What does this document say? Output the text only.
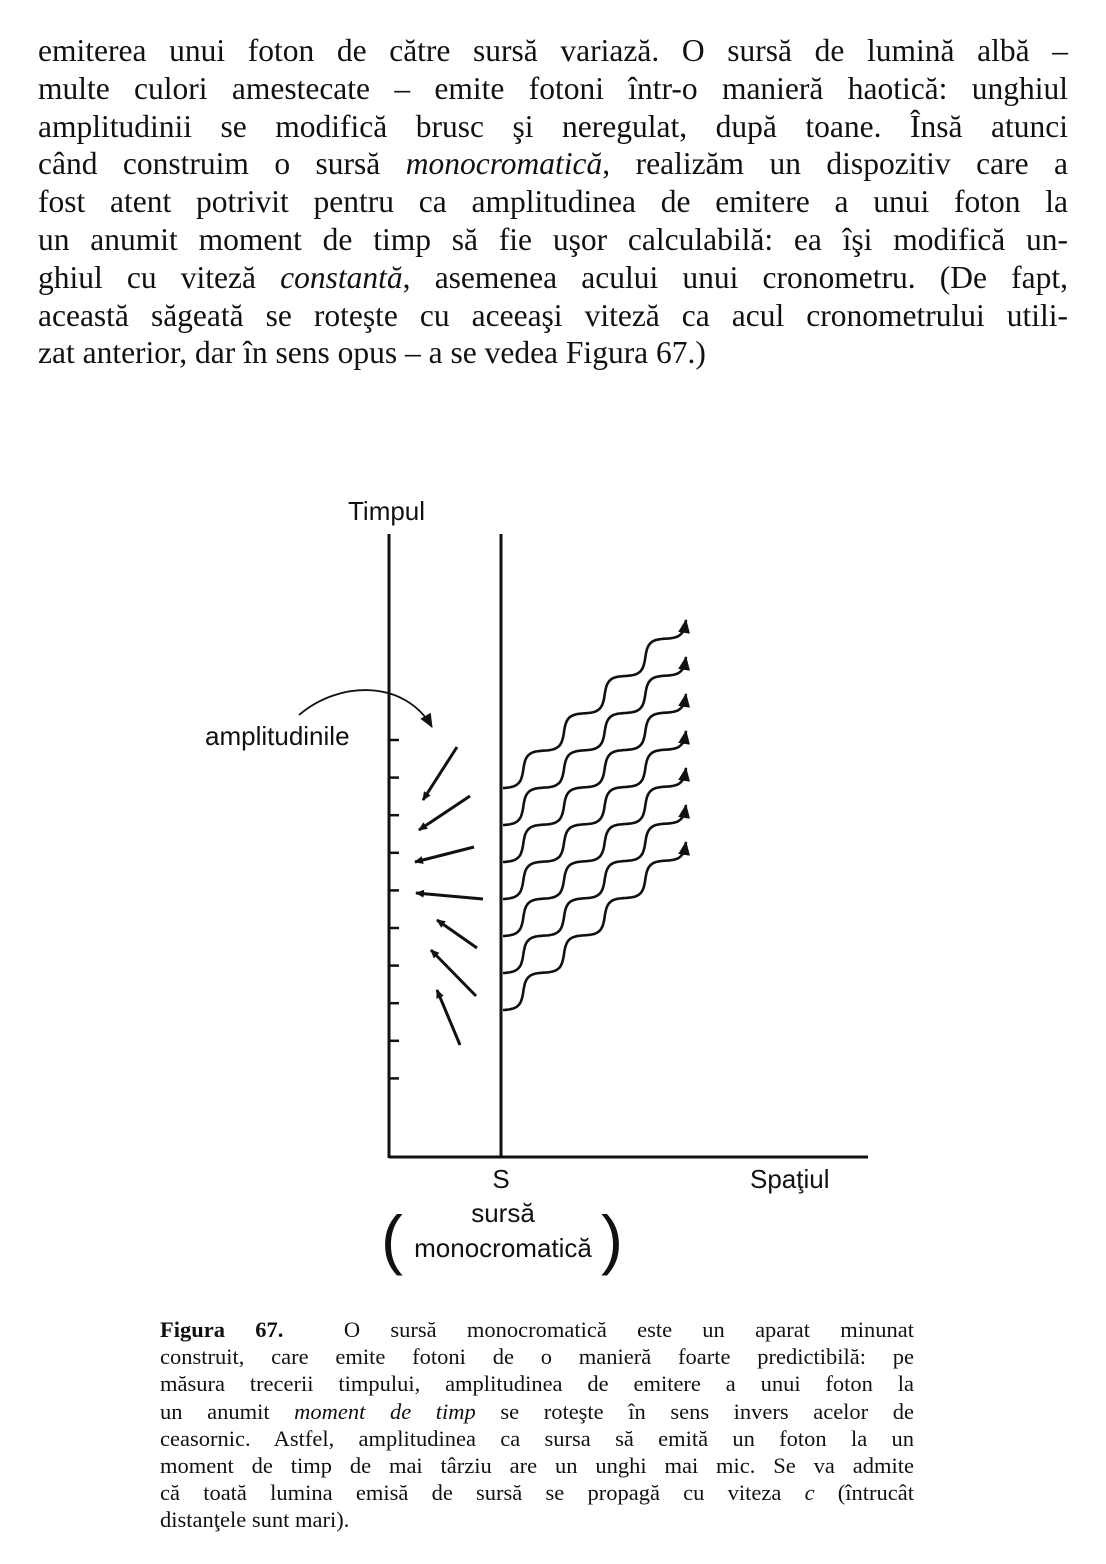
emiterea unui foton de către sursă variază. O sursă de lumină albă –
multe culori amestecate – emite fotoni într-o manieră haotică: unghiul
amplitudinii se modifică brusc şi neregulat, după toane. Însă atunci
când construim o sursă monocromatică, realizăm un dispozitiv care a
fost atent potrivit pentru ca amplitudinea de emitere a unui foton la
un anumit moment de timp să fie uşor calculabilă: ea îşi modifică un-
ghiul cu viteză constantă, asemenea acului unui cronometru. (De fapt,
această săgeată se roteşte cu aceeaşi viteză ca acul cronometrului utili-
zat anterior, dar în sens opus – a se vedea Figura 67.)
Timpul
amplitudinile
S	Spaţiul
(	sursă
monocromatică )
Figura 67.	O sursă monocromatică este un aparat minunat
construit, care emite fotoni de o manieră foarte predictibilă: pe
măsura trecerii timpului, amplitudinea de emitere a unui foton la
un anumit moment de timp se roteşte în sens invers acelor de
ceasornic. Astfel, amplitudinea ca sursa să emită un foton la un
moment de timp de mai târziu are un unghi mai mic. Se va admite
că toată lumina emisă de sursă se propagă cu viteza c (întrucât
distanţele sunt mari).
